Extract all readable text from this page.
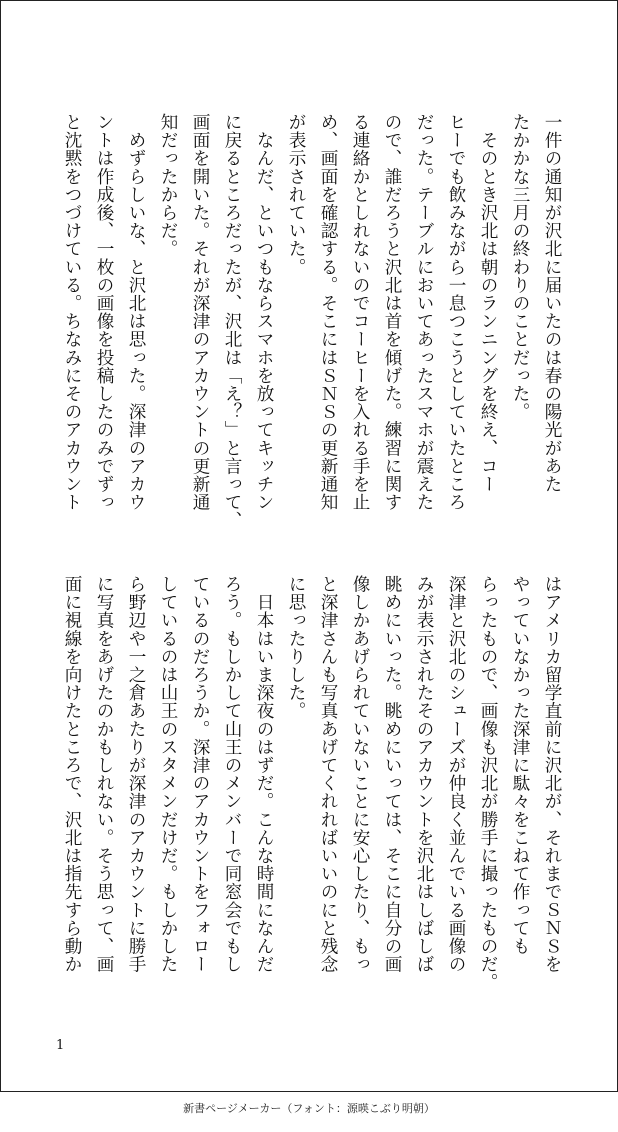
一件の通知が沢北に届いたのは春の陽光があた
たかかな三月の終わりのことだった。
　そのとき沢北は朝のランニングを終え、コー
ヒーでも飲みながら一息つこうとしていたところ
だった。テーブルにおいてあったスマホが震えた
ので、誰だろうと沢北は首を傾げた。練習に関す
る連絡かとしれないのでコーヒーを入れる手を止
め、画面を確認する。そこにはＳＮＳの更新通知
が表示されていた。
　なんだ、といつもならスマホを放ってキッチン
に戻るところだったが、沢北は「え？」と言って、
画面を開いた。それが深津のアカウントの更新通
知だったからだ。
　めずらしいな、と沢北は思った。深津のアカウ
ントは作成後、一枚の画像を投稿したのみでずっ
と沈黙をつづけている。ちなみにそのアカウント
はアメリカ留学直前に沢北が、それまでＳＮＳを
やっていなかった深津に駄々をこねて作っても
らったもので、画像も沢北が勝手に撮ったものだ。
深津と沢北のシューズが仲良く並んでいる画像の
みが表示されたそのアカウントを沢北はしばしば
眺めにいった。眺めにいっては、そこに自分の画
像しかあげられていないことに安心したり、もっ
と深津さんも写真あげてくれればいいのにと残念
に思ったりした。
　日本はいま深夜のはずだ。こんな時間になんだ
ろう。もしかして山王のメンバーで同窓会でもし
ているのだろうか。深津のアカウントをフォロー
しているのは山王のスタメンだけだ。もしかした
ら野辺や一之倉あたりが深津のアカウントに勝手
に写真をあげたのかもしれない。そう思って、画
面に視線を向けたところで、沢北は指先すら動か
1
新書ページメーカー（フォント：源暎こぶり明朝）
